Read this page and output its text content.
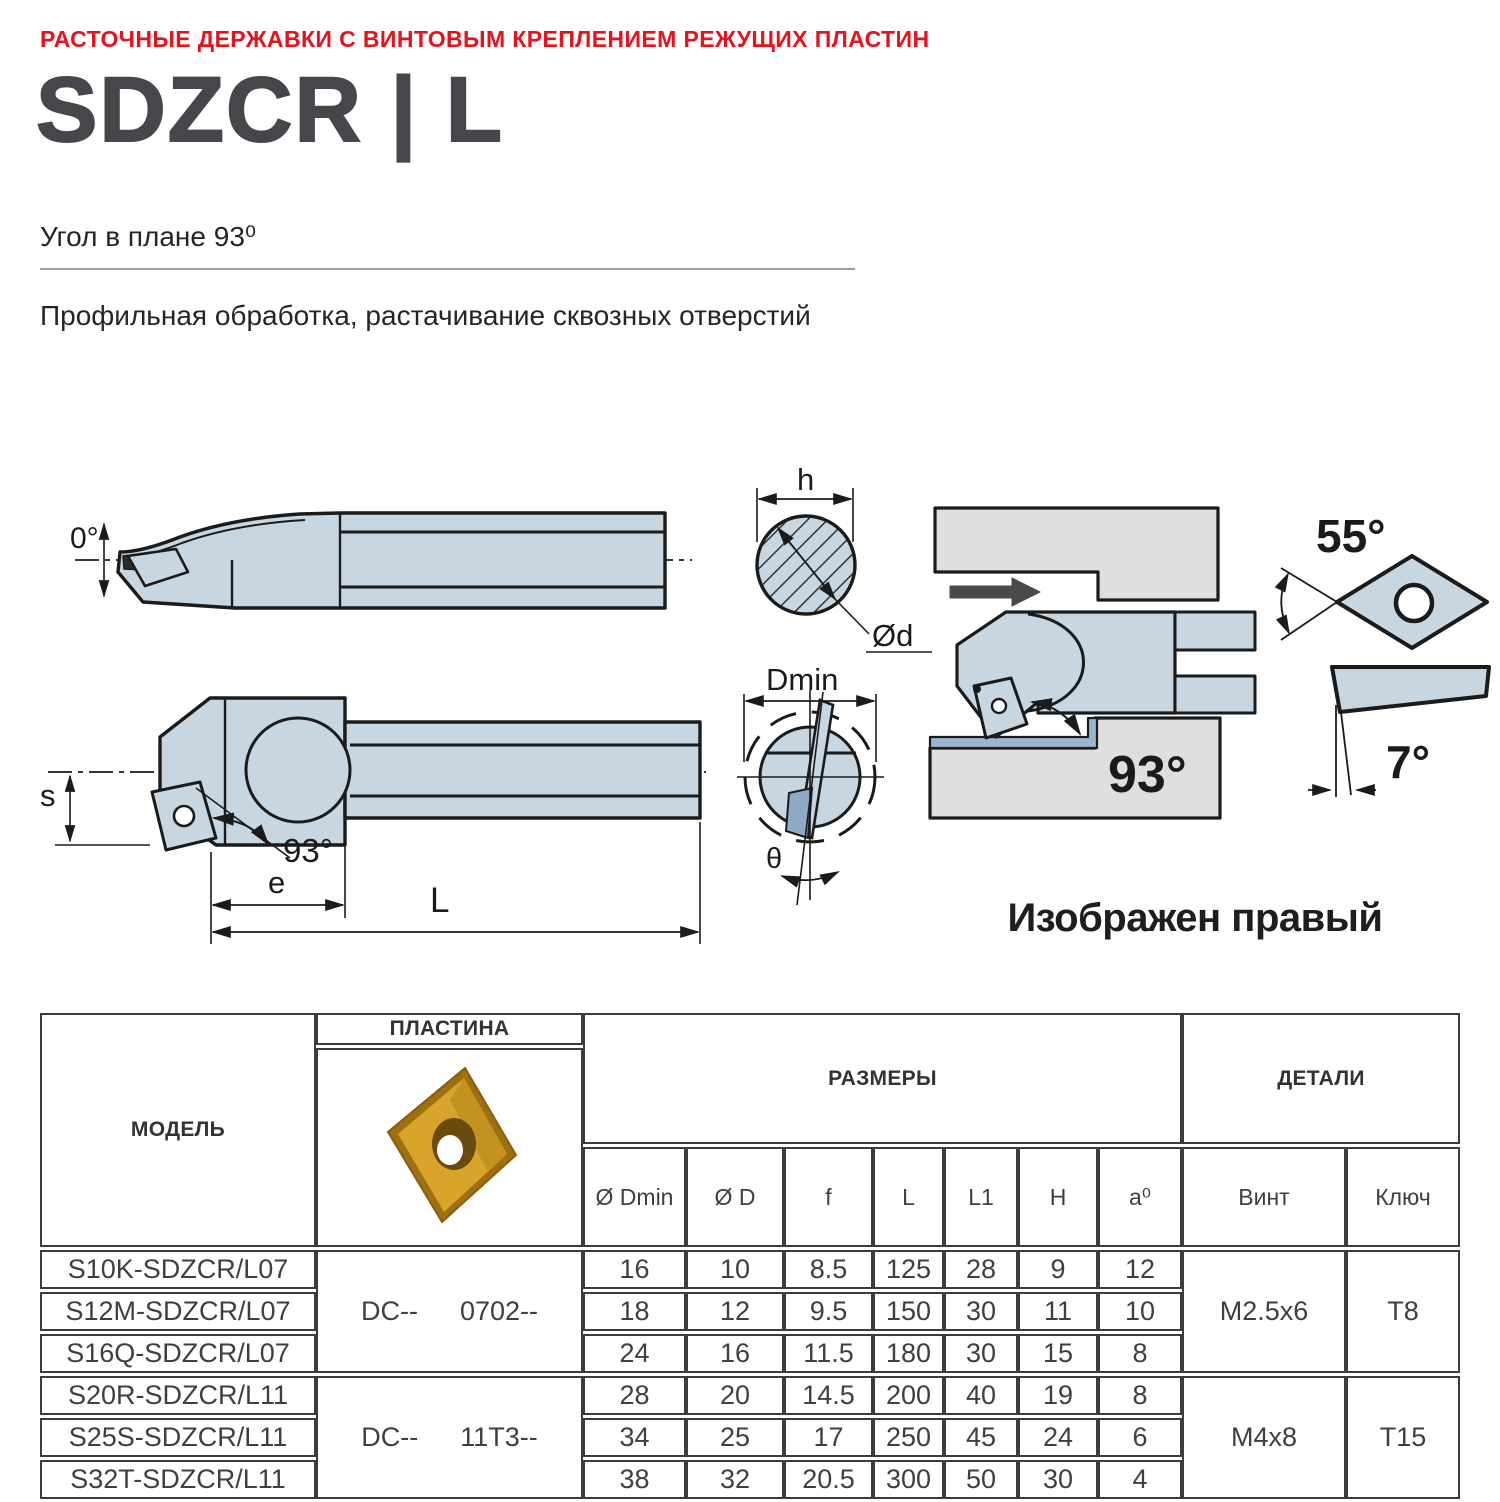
РАСТОЧНЫЕ ДЕРЖАВКИ С ВИНТОВЫМ КРЕПЛЕНИЕМ РЕЖУЩИХ ПЛАСТИН
SDZCR | L
Угол в плане 93⁰
Профильная обработка, растачивание сквозных отверстий
0°
93°
s
e	L
h
Ød
Dmin
θ
93°
55°
7°
Изображен правый
МОДЕЛЬ	ПЛАСТИНА	РАЗМЕРЫ							ДЕТАЛИ	

		Ø Dmin	Ø D	f	L	L1	H	a⁰	Винт	Ключ
S10K-SDZCR/L07	DC-- 0702--	16	10	8.5	125	28	9	12	M2.5x6	T8
S12M-SDZCR/L07		18	12	9.5	150	30	11	10		
S16Q-SDZCR/L07		24	16	11.5	180	30	15	8		
S20R-SDZCR/L11	DC-- 11T3--	28	20	14.5	200	40	19	8	M4x8	T15
S25S-SDZCR/L11		34	25	17	250	45	24	6		
S32T-SDZCR/L11		38	32	20.5	300	50	30	4		
